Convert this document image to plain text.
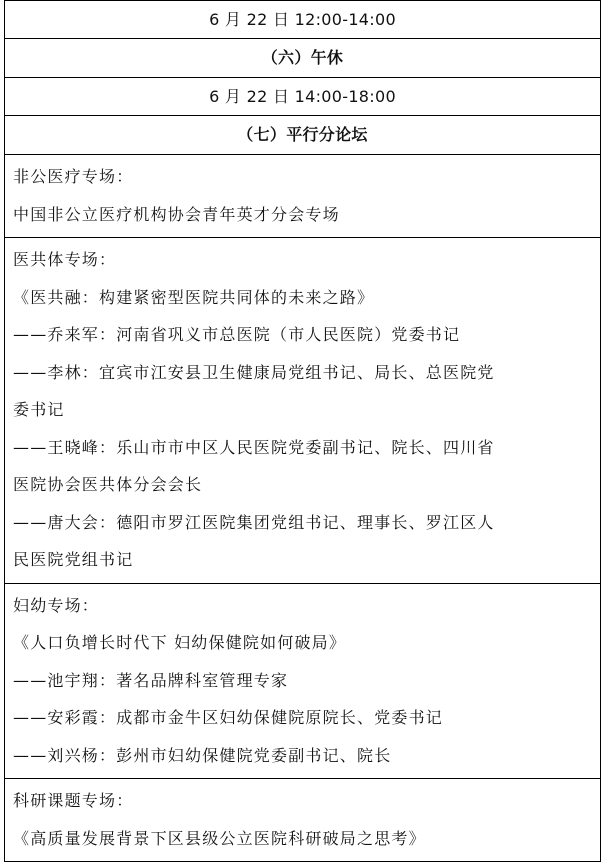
6 月 22 日 12:00-14:00
（六）午休
6 月 22 日 14:00-18:00
（七）平行分论坛

非公医疗专场：
中国非公立医疗机构协会青年英才分会专场

医共体专场：
《医共融：构建紧密型医院共同体的未来之路》
——乔来军：河南省巩义市总医院（市人民医院）党委书记
——李林：宜宾市江安县卫生健康局党组书记、局长、总医院党
委书记
——王晓峰：乐山市市中区人民医院党委副书记、院长、四川省
医院协会医共体分会会长
——唐大会：德阳市罗江医院集团党组书记、理事长、罗江区人
民医院党组书记

妇幼专场：
《人口负增长时代下 妇幼保健院如何破局》
——池宇翔：著名品牌科室管理专家
——安彩霞：成都市金牛区妇幼保健院原院长、党委书记
——刘兴杨：彭州市妇幼保健院党委副书记、院长

科研课题专场：
《高质量发展背景下区县级公立医院科研破局之思考》
